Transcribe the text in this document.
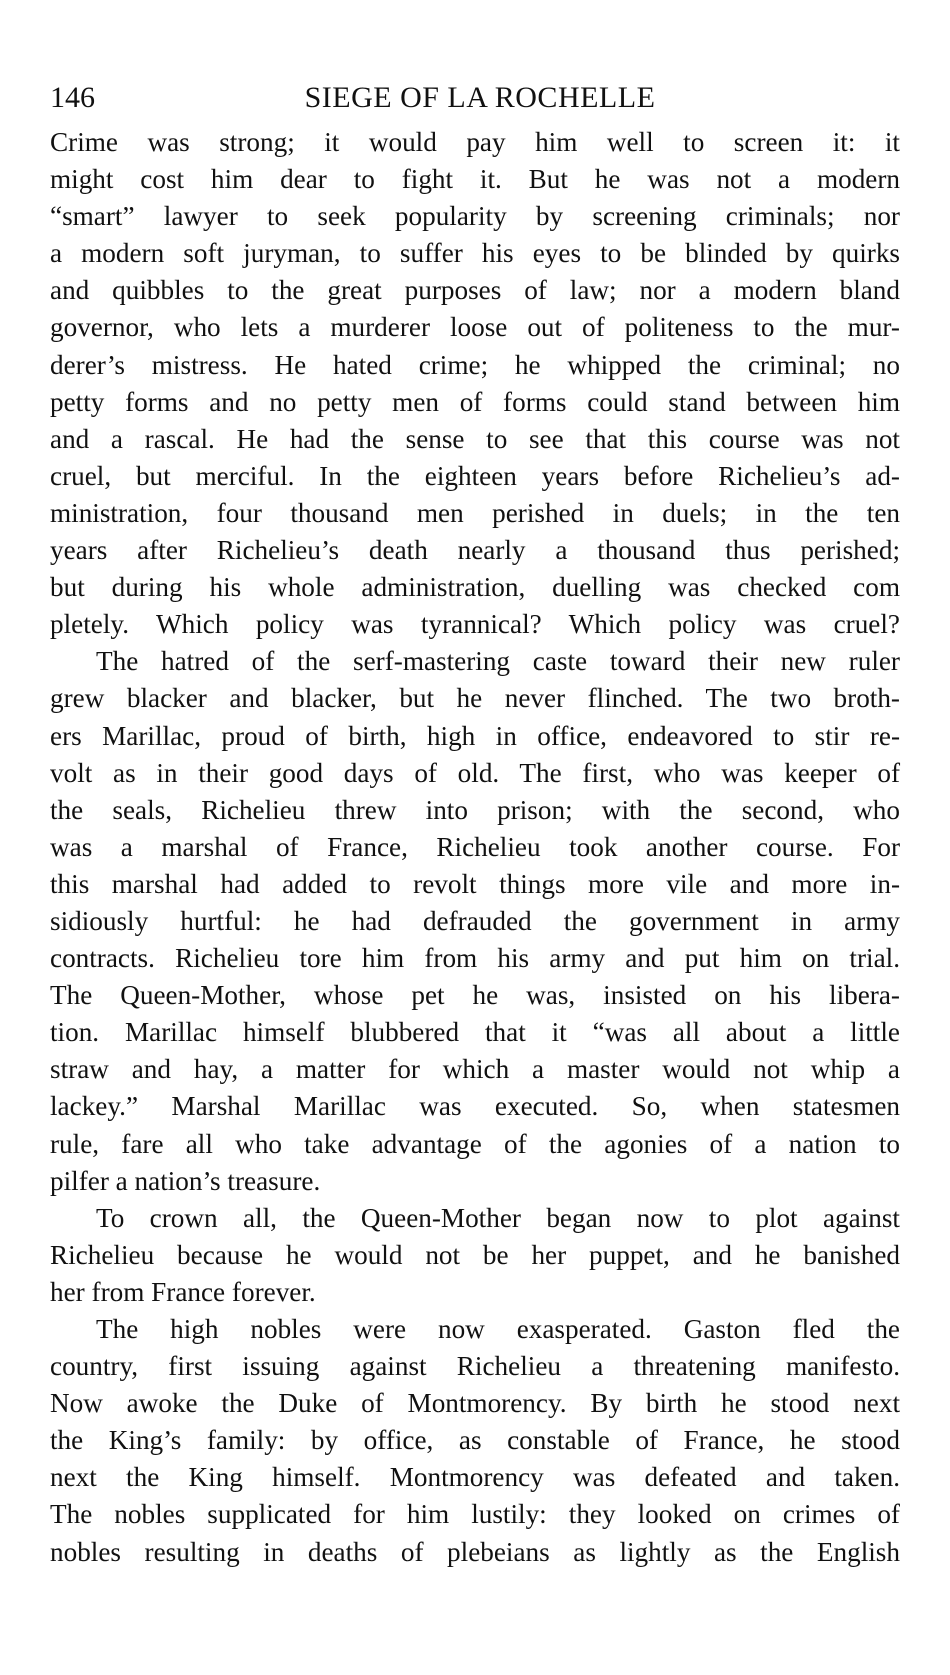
146	SIEGE OF LA ROCHELLE

Crime was strong; it would pay him well to screen it: it
might cost him dear to fight it. But he was not a modern
“smart” lawyer to seek popularity by screening criminals; nor
a modern soft juryman, to suffer his eyes to be blinded by quirks
and quibbles to the great purposes of law; nor a modern bland
governor, who lets a murderer loose out of politeness to the mur-
derer’s mistress. He hated crime; he whipped the criminal; no
petty forms and no petty men of forms could stand between him
and a rascal. He had the sense to see that this course was not
cruel, but merciful. In the eighteen years before Richelieu’s ad-
ministration, four thousand men perished in duels; in the ten
years after Richelieu’s death nearly a thousand thus perished;
but during his whole administration, duelling was checked com
pletely. Which policy was tyrannical? Which policy was cruel?

The hatred of the serf-mastering caste toward their new ruler
grew blacker and blacker, but he never flinched. The two broth-
ers Marillac, proud of birth, high in office, endeavored to stir re-
volt as in their good days of old. The first, who was keeper of
the seals, Richelieu threw into prison; with the second, who
was a marshal of France, Richelieu took another course. For
this marshal had added to revolt things more vile and more in-
sidiously hurtful: he had defrauded the government in army
contracts. Richelieu tore him from his army and put him on trial.
The Queen-Mother, whose pet he was, insisted on his libera-
tion. Marillac himself blubbered that it “was all about a little
straw and hay, a matter for which a master would not whip a
lackey.” Marshal Marillac was executed. So, when statesmen
rule, fare all who take advantage of the agonies of a nation to
pilfer a nation’s treasure.

To crown all, the Queen-Mother began now to plot against
Richelieu because he would not be her puppet, and he banished
her from France forever.

The high nobles were now exasperated. Gaston fled the
country, first issuing against Richelieu a threatening manifesto.
Now awoke the Duke of Montmorency. By birth he stood next
the King’s family: by office, as constable of France, he stood
next the King himself. Montmorency was defeated and taken.
The nobles supplicated for him lustily: they looked on crimes of
nobles resulting in deaths of plebeians as lightly as the English
